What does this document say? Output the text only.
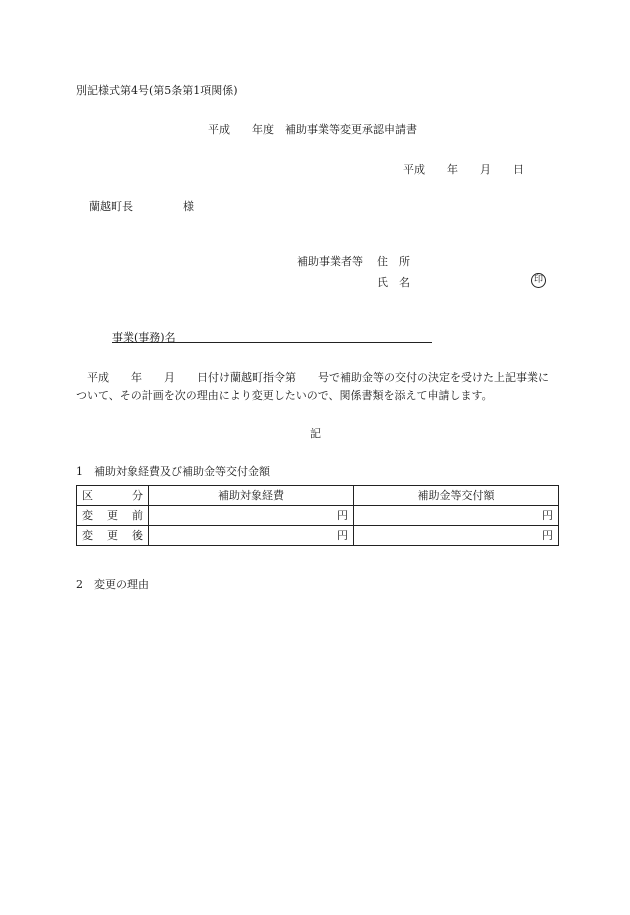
別記様式第4号(第5条第1項関係)
平成　　年度　補助事業等変更承認申請書
平成　　年　　月　　日
蘭越町長	様
補助事業者等 住　所
氏　名	印
事業(事務)名
平成　　年　　月　　日付け蘭越町指令第　　号で補助金等の交付の決定を受けた上記事業について、その計画を次の理由により変更したいので、関係書類を添えて申請します。
記
1　補助対象経費及び補助金等交付金額
区　分	補助対象経費	補助金等交付額
変更前	円	円
変更後	円	円
2　変更の理由
